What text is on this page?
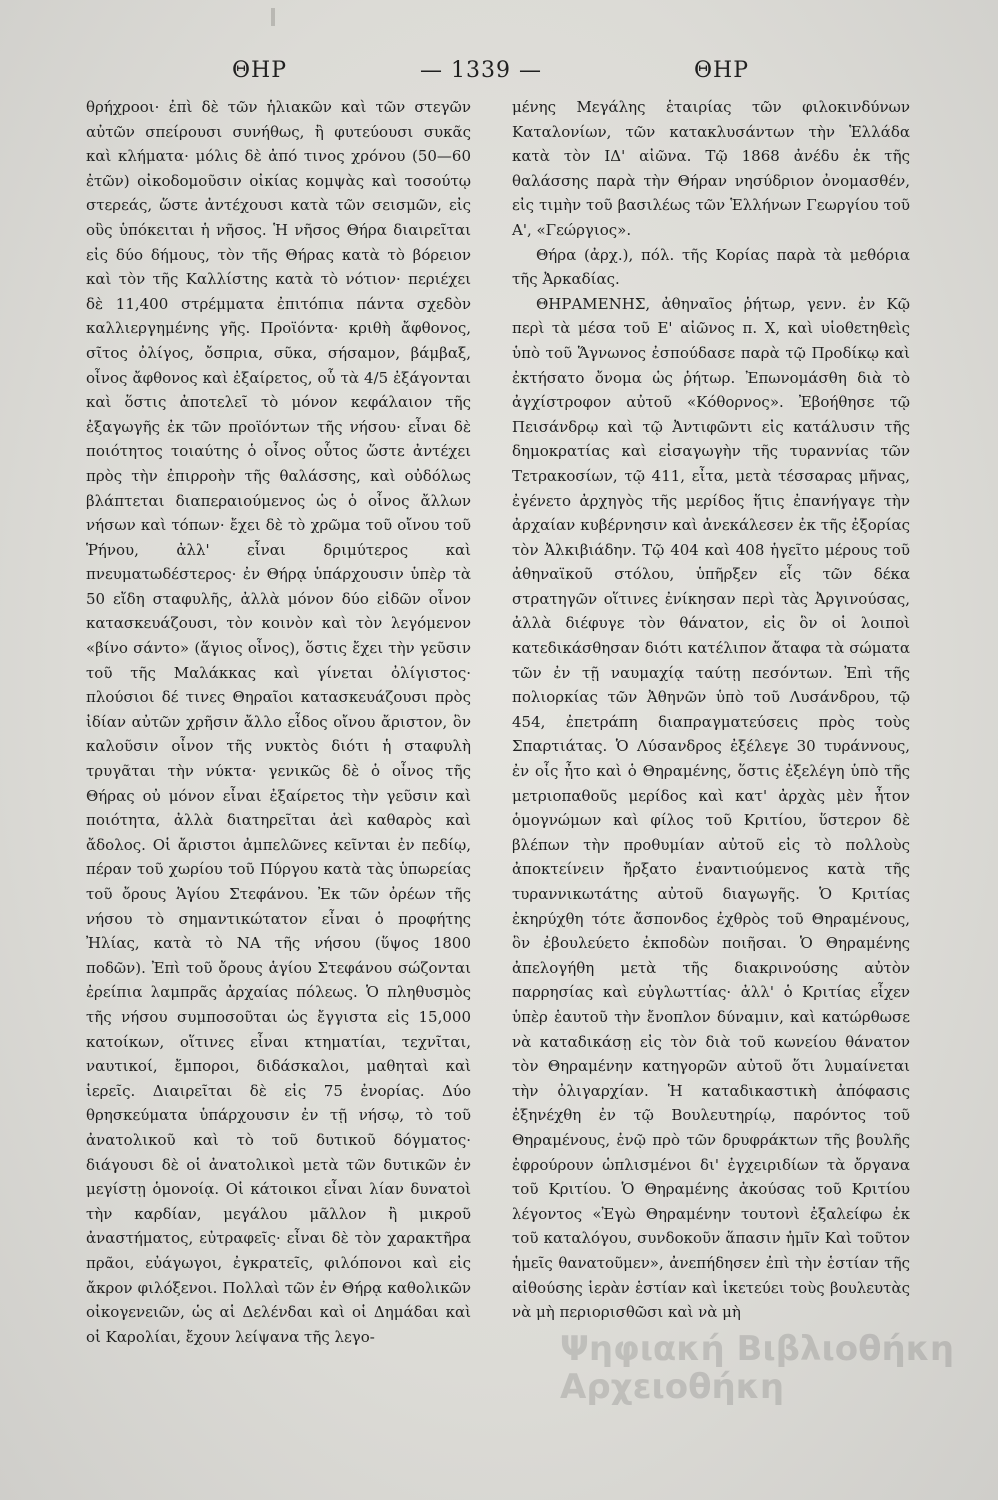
ΘΗΡ	— 1339 —	ΘΗΡ

θρήχροοι· ἐπὶ δὲ τῶν ἡλιακῶν καὶ τῶν στεγῶν αὐτῶν σπείρουσι συνήθως, ἢ φυτεύουσι συκᾶς καὶ κλήματα· μόλις δὲ ἀπό τινος χρόνου (50—60 ἐτῶν) οἰκοδομοῦσιν οἰκίας κομψὰς καὶ τοσούτῳ στερεάς, ὥστε ἀντέχουσι κατὰ τῶν σεισμῶν, εἰς οὓς ὑπόκειται ἡ νῆσος. Ἡ νῆσος Θήρα διαιρεῖται εἰς δύο δήμους, τὸν τῆς Θήρας κατὰ τὸ βόρειον καὶ τὸν τῆς Καλλίστης κατὰ τὸ νότιον· περιέχει δὲ 11,400 στρέμματα ἐπιτόπια πάντα σχεδὸν καλλιεργημένης γῆς. Προϊόντα· κριθὴ ἄφθονος, σῖτος ὀλίγος, ὄσπρια, σῦκα, σήσαμον, βάμβαξ, οἶνος ἄφθονος καὶ ἐξαίρετος, οὗ τὰ 4/5 ἐξάγονται καὶ ὅστις ἀποτελεῖ τὸ μόνον κεφάλαιον τῆς ἐξαγωγῆς ἐκ τῶν προϊόντων τῆς νήσου· εἶναι δὲ ποιότητος τοιαύτης ὁ οἶνος οὗτος ὥστε ἀντέχει πρὸς τὴν ἐπιρροὴν τῆς θαλάσσης, καὶ οὐδόλως βλάπτεται διαπεραιούμενος ὡς ὁ οἶνος ἄλλων νήσων καὶ τόπων· ἔχει δὲ τὸ χρῶμα τοῦ οἴνου τοῦ Ῥήνου, ἀλλ' εἶναι δριμύτερος καὶ πνευματωδέστερος· ἐν Θήρᾳ ὑπάρχουσιν ὑπὲρ τὰ 50 εἴδη σταφυλῆς, ἀλλὰ μόνον δύο εἰδῶν οἶνον κατασκευάζουσι, τὸν κοινὸν καὶ τὸν λεγόμενον «βίνο σάντο» (ἅγιος οἶνος), ὅστις ἔχει τὴν γεῦσιν τοῦ τῆς Μαλάκκας καὶ γίνεται ὀλίγιστος· πλούσιοι δέ τινες Θηραῖοι κατασκευάζουσι πρὸς ἰδίαν αὐτῶν χρῆσιν ἄλλο εἶδος οἴνου ἄριστον, ὃν καλοῦσιν οἶνον τῆς νυκτὸς διότι ἡ σταφυλὴ τρυγᾶται τὴν νύκτα· γενικῶς δὲ ὁ οἶνος τῆς Θήρας οὐ μόνον εἶναι ἐξαίρετος τὴν γεῦσιν καὶ ποιότητα, ἀλλὰ διατηρεῖται ἀεὶ καθαρὸς καὶ ἄδολος. Οἱ ἄριστοι ἀμπελῶνες κεῖνται ἐν πεδίῳ, πέραν τοῦ χωρίου τοῦ Πύργου κατὰ τὰς ὑπωρείας τοῦ ὄρους Ἁγίου Στεφάνου. Ἐκ τῶν ὀρέων τῆς νήσου τὸ σημαντικώτατον εἶναι ὁ προφήτης Ἠλίας, κατὰ τὸ ΝΑ τῆς νήσου (ὕψος 1800 ποδῶν). Ἐπὶ τοῦ ὄρους ἁγίου Στεφάνου σώζονται ἐρείπια λαμπρᾶς ἀρχαίας πόλεως. Ὁ πληθυσμὸς τῆς νήσου συμποσοῦται ὡς ἔγγιστα εἰς 15,000 κατοίκων, οἵτινες εἶναι κτηματίαι, τεχνῖται, ναυτικοί, ἔμποροι, διδάσκαλοι, μαθηταὶ καὶ ἱερεῖς. Διαιρεῖται δὲ εἰς 75 ἐνορίας. Δύο θρησκεύματα ὑπάρχουσιν ἐν τῇ νήσῳ, τὸ τοῦ ἀνατολικοῦ καὶ τὸ τοῦ δυτικοῦ δόγματος· διάγουσι δὲ οἱ ἀνατολικοὶ μετὰ τῶν δυτικῶν ἐν μεγίστῃ ὁμονοίᾳ. Οἱ κάτοικοι εἶναι λίαν δυνατοὶ τὴν καρδίαν, μεγάλου μᾶλλον ἢ μικροῦ ἀναστήματος, εὐτραφεῖς· εἶναι δὲ τὸν χαρακτῆρα πρᾶοι, εὐάγωγοι, ἐγκρατεῖς, φιλόπονοι καὶ εἰς ἄκρον φιλόξενοι. Πολλαὶ τῶν ἐν Θήρᾳ καθολικῶν οἰκογενειῶν, ὡς αἱ Δελένδαι καὶ οἱ Δημάδαι καὶ οἱ Καρολίαι, ἔχουν λείψανα τῆς λεγο-

μένης Μεγάλης ἑταιρίας τῶν φιλοκινδύνων Καταλονίων, τῶν κατακλυσάντων τὴν Ἑλλάδα κατὰ τὸν ΙΔ' αἰῶνα. Τῷ 1868 ἀνέδυ ἐκ τῆς θαλάσσης παρὰ τὴν Θήραν νησύδριον ὀνομασθέν, εἰς τιμὴν τοῦ βασιλέως τῶν Ἑλλήνων Γεωργίου τοῦ Α', «Γεώργιος».

Θήρα (ἀρχ.), πόλ. τῆς Κορίας παρὰ τὰ μεθόρια τῆς Ἀρκαδίας.

ΘΗΡΑΜΕΝΗΣ, ἀθηναῖος ῥήτωρ, γενν. ἐν Κῷ περὶ τὰ μέσα τοῦ Ε' αἰῶνος π. Χ, καὶ υἱοθετηθεὶς ὑπὸ τοῦ Ἅγνωνος ἐσπούδασε παρὰ τῷ Προδίκῳ καὶ ἐκτήσατο ὄνομα ὡς ῥήτωρ. Ἐπωνομάσθη διὰ τὸ ἀγχίστροφον αὐτοῦ «Κόθορνος». Ἐβοήθησε τῷ Πεισάνδρῳ καὶ τῷ Ἀντιφῶντι εἰς κατάλυσιν τῆς δημοκρατίας καὶ εἰσαγωγὴν τῆς τυραννίας τῶν Τετρακοσίων, τῷ 411, εἶτα, μετὰ τέσσαρας μῆνας, ἐγένετο ἀρχηγὸς τῆς μερίδος ἥτις ἐπανήγαγε τὴν ἀρχαίαν κυβέρνησιν καὶ ἀνεκάλεσεν ἐκ τῆς ἐξορίας τὸν Ἀλκιβιάδην. Τῷ 404 καὶ 408 ἡγεῖτο μέρους τοῦ ἀθηναϊκοῦ στόλου, ὑπῆρξεν εἷς τῶν δέκα στρατηγῶν οἵτινες ἐνίκησαν περὶ τὰς Ἀργινούσας, ἀλλὰ διέφυγε τὸν θάνατον, εἰς ὃν οἱ λοιποὶ κατεδικάσθησαν διότι κατέλιπον ἄταφα τὰ σώματα τῶν ἐν τῇ ναυμαχίᾳ ταύτῃ πεσόντων. Ἐπὶ τῆς πολιορκίας τῶν Ἀθηνῶν ὑπὸ τοῦ Λυσάνδρου, τῷ 454, ἐπετράπη διαπραγματεύσεις πρὸς τοὺς Σπαρτιάτας. Ὁ Λύσανδρος ἐξέλεγε 30 τυράννους, ἐν οἷς ἦτο καὶ ὁ Θηραμένης, ὅστις ἐξελέγη ὑπὸ τῆς μετριοπαθοῦς μερίδος καὶ κατ' ἀρχὰς μὲν ἦτον ὁμογνώμων καὶ φίλος τοῦ Κριτίου, ὕστερον δὲ βλέπων τὴν προθυμίαν αὐτοῦ εἰς τὸ πολλοὺς ἀποκτείνειν ἤρξατο ἐναντιούμενος κατὰ τῆς τυραννικωτάτης αὐτοῦ διαγωγῆς. Ὁ Κριτίας ἐκηρύχθη τότε ἄσπονδος ἐχθρὸς τοῦ Θηραμένους, ὃν ἐβουλεύετο ἐκποδὼν ποιῆσαι. Ὁ Θηραμένης ἀπελογήθη μετὰ τῆς διακρινούσης αὐτὸν παρρησίας καὶ εὐγλωττίας· ἀλλ' ὁ Κριτίας εἶχεν ὑπὲρ ἑαυτοῦ τὴν ἔνοπλον δύναμιν, καὶ κατώρθωσε νὰ καταδικάσῃ εἰς τὸν διὰ τοῦ κωνείου θάνατον τὸν Θηραμένην κατηγορῶν αὐτοῦ ὅτι λυμαίνεται τὴν ὀλιγαρχίαν. Ἡ καταδικαστικὴ ἀπόφασις ἐξηνέχθη ἐν τῷ Βουλευτηρίῳ, παρόντος τοῦ Θηραμένους, ἐνῷ πρὸ τῶν δρυφράκτων τῆς βουλῆς ἐφρούρουν ὡπλισμένοι δι' ἐγχειριδίων τὰ ὄργανα τοῦ Κριτίου. Ὁ Θηραμένης ἀκούσας τοῦ Κριτίου λέγοντος «Ἐγὼ Θηραμένην τουτονὶ ἐξαλείφω ἐκ τοῦ καταλόγου, συνδοκοῦν ἅπασιν ἡμῖν Καὶ τοῦτον ἡμεῖς θανατοῦμεν», ἀνεπήδησεν ἐπὶ τὴν ἑστίαν τῆς αἰθούσης ἱερὰν ἑστίαν καὶ ἱκετεύει τοὺς βουλευτὰς νὰ μὴ περιορισθῶσι καὶ νὰ μὴ

Ψηφιακή Βιβλιοθήκη
Αρχειοθήκη
